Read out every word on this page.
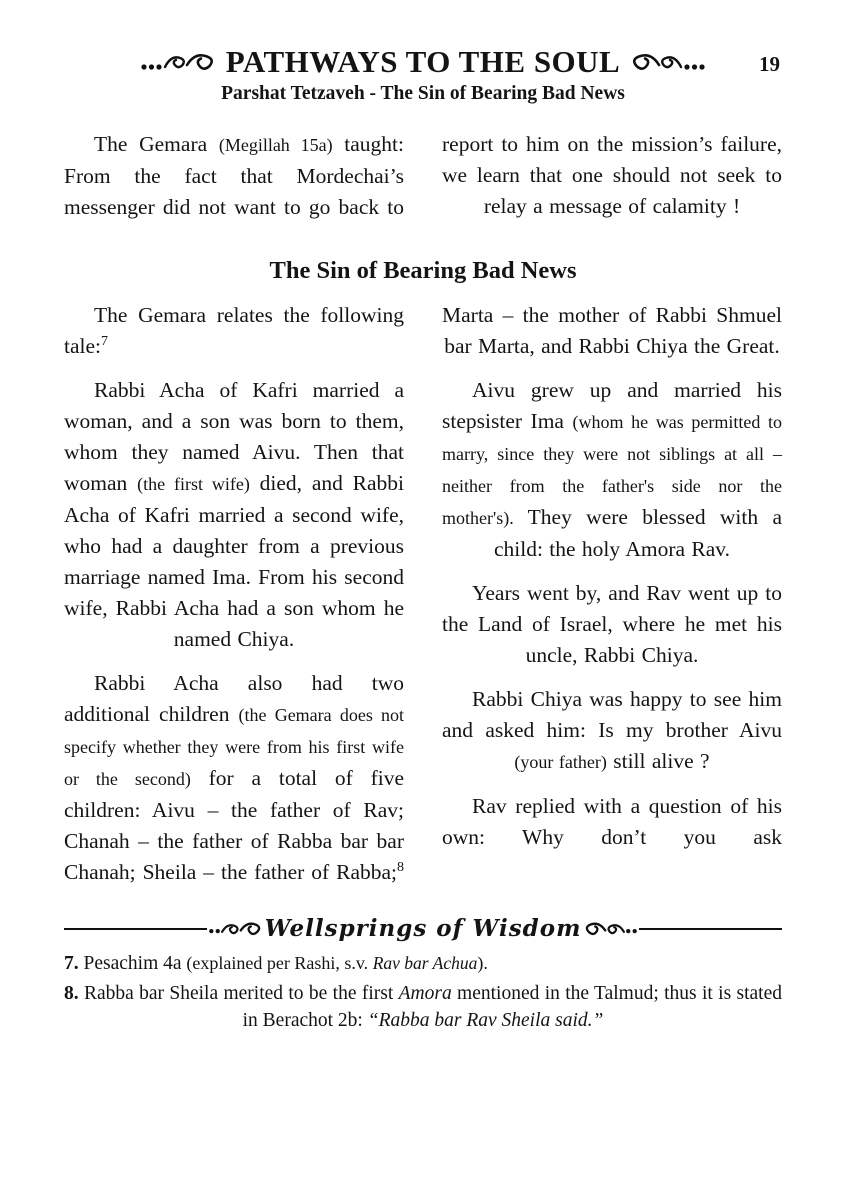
PATHWAYS TO THE SOUL	19
Parshat Tetzaveh - The Sin of Bearing Bad News

The Gemara (Megillah 15a) taught: From the fact that Mordechai’s messenger did not want to go back to

report to him on the mission’s failure, we learn that one should not seek to relay a message of calamity !

The Sin of Bearing Bad News

The Gemara relates the following tale:$^7$

Rabbi Acha of Kafri married a woman, and a son was born to them, whom they named Aivu. Then that woman (the first wife) died, and Rabbi Acha of Kafri married a second wife, who had a daughter from a previous marriage named Ima. From his second wife, Rabbi Acha had a son whom he named Chiya.

Rabbi Acha also had two additional children (the Gemara does not specify whether they were from his first wife or the second) for a total of five children: Aivu – the father of Rav; Chanah – the father of Rabba bar bar Chanah; Sheila – the father of Rabba;$^8$

Marta – the mother of Rabbi Shmuel bar Marta, and Rabbi Chiya the Great.

Aivu grew up and married his stepsister Ima (whom he was permitted to marry, since they were not siblings at all – neither from the father's side nor the mother's). They were blessed with a child: the holy Amora Rav.

Years went by, and Rav went up to the Land of Israel, where he met his uncle, Rabbi Chiya.

Rabbi Chiya was happy to see him and asked him: Is my brother Aivu (your father) still alive ?

Rav replied with a question of his own: Why don’t you ask

Wellsprings of Wisdom

7. Pesachim 4a (explained per Rashi, s.v. Rav bar Achua).

8. Rabba bar Sheila merited to be the first Amora mentioned in the Talmud; thus it is stated in Berachot 2b: “Rabba bar Rav Sheila said.”
